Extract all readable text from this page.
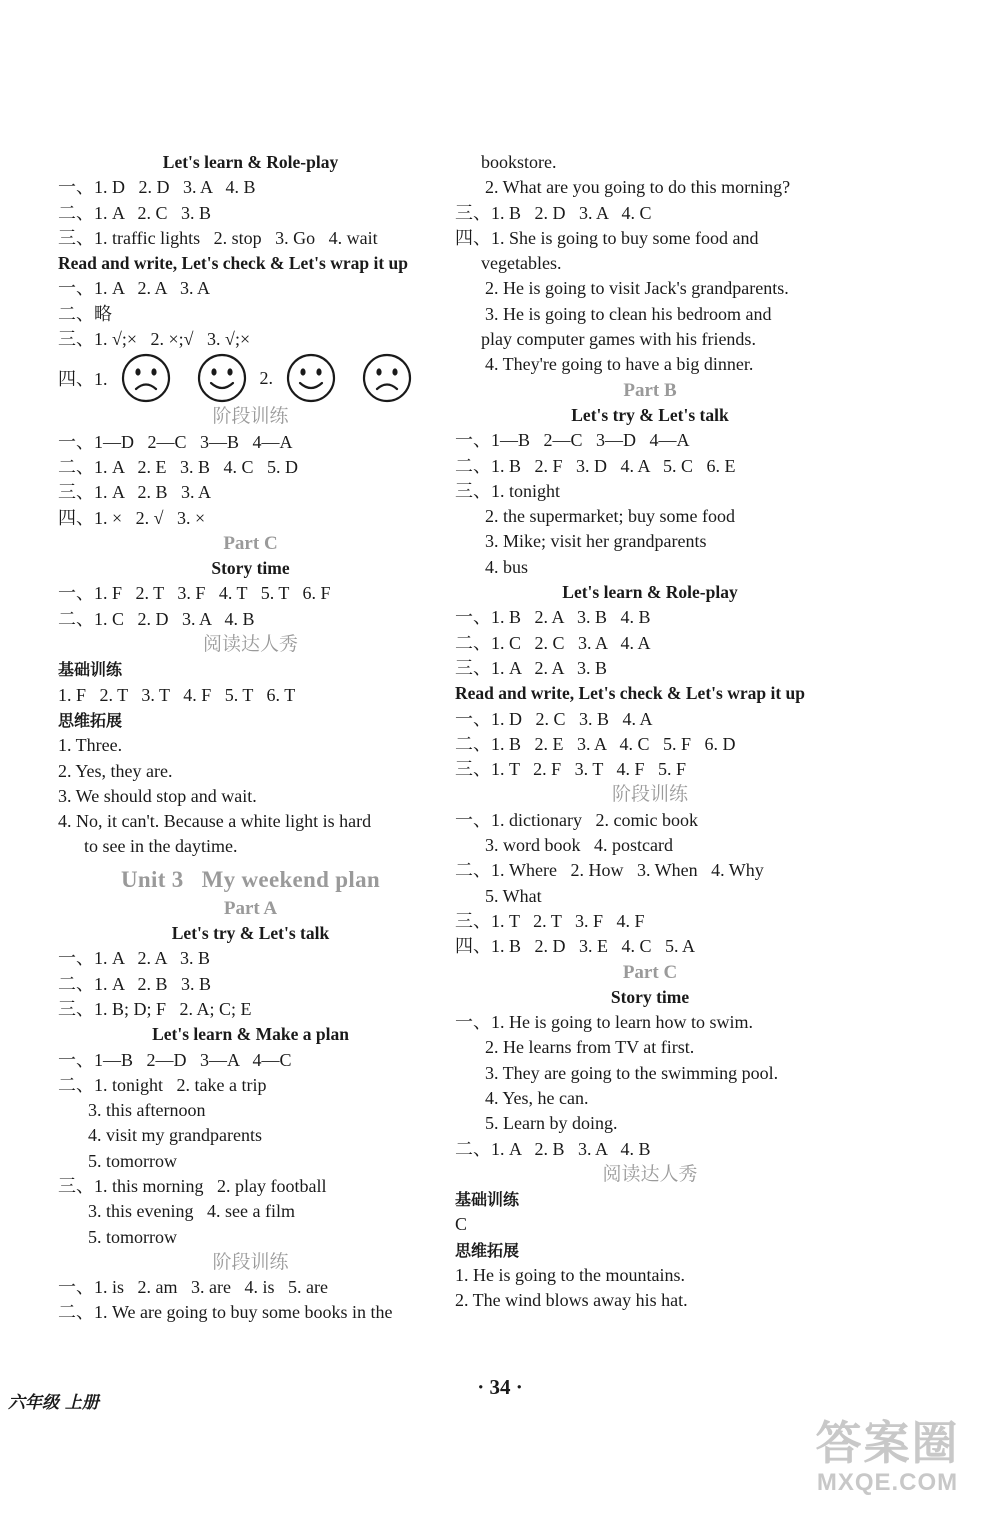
Let's learn & Role-play
一、1. D   2. D   3. A   4. B
二、1. A   2. C   3. B
三、1. traffic lights   2. stop   3. Go   4. wait
Read and write, Let's check & Let's wrap it up
一、1. A   2. A   3. A
二、略
三、1. √;×   2. ×;√   3. √;×
四、1.	2.
阶段训练
一、1—D   2—C   3—B   4—A
二、1. A   2. E   3. B   4. C   5. D
三、1. A   2. B   3. A
四、1. ×   2. √   3. ×
Part C
Story time
一、1. F   2. T   3. F   4. T   5. T   6. F
二、1. C   2. D   3. A   4. B
阅读达人秀
基础训练
1. F   2. T   3. T   4. F   5. T   6. T
思维拓展
1. Three.
2. Yes, they are.
3. We should stop and wait.
4. No, it can't. Because a white light is hard
to see in the daytime.
Unit 3   My weekend plan
Part A
Let's try & Let's talk
一、1. A   2. A   3. B
二、1. A   2. B   3. B
三、1. B; D; F   2. A; C; E
Let's learn & Make a plan
一、1—B   2—D   3—A   4—C
二、1. tonight   2. take a trip
3. this afternoon
4. visit my grandparents
5. tomorrow
三、1. this morning   2. play football
3. this evening   4. see a film
5. tomorrow
阶段训练
一、1. is   2. am   3. are   4. is   5. are
二、1. We are going to buy some books in the
bookstore.
2. What are you going to do this morning?
三、1. B   2. D   3. A   4. C
四、1. She is going to buy some food and
vegetables.
2. He is going to visit Jack's grandparents.
3. He is going to clean his bedroom and
play computer games with his friends.
4. They're going to have a big dinner.
Part B
Let's try & Let's talk
一、1—B   2—C   3—D   4—A
二、1. B   2. F   3. D   4. A   5. C   6. E
三、1. tonight
2. the supermarket; buy some food
3. Mike; visit her grandparents
4. bus
Let's learn & Role-play
一、1. B   2. A   3. B   4. B
二、1. C   2. C   3. A   4. A
三、1. A   2. A   3. B
Read and write, Let's check & Let's wrap it up
一、1. D   2. C   3. B   4. A
二、1. B   2. E   3. A   4. C   5. F   6. D
三、1. T   2. F   3. T   4. F   5. F
阶段训练
一、1. dictionary   2. comic book
3. word book   4. postcard
二、1. Where   2. How   3. When   4. Why
5. What
三、1. T   2. T   3. F   4. F
四、1. B   2. D   3. E   4. C   5. A
Part C
Story time
一、1. He is going to learn how to swim.
2. He learns from TV at first.
3. They are going to the swimming pool.
4. Yes, he can.
5. Learn by doing.
二、1. A   2. B   3. A   4. B
阅读达人秀
基础训练
C
思维拓展
1. He is going to the mountains.
2. The wind blows away his hat.
· 34 ·
六年级 上册
答案圈
MXQE.COM
